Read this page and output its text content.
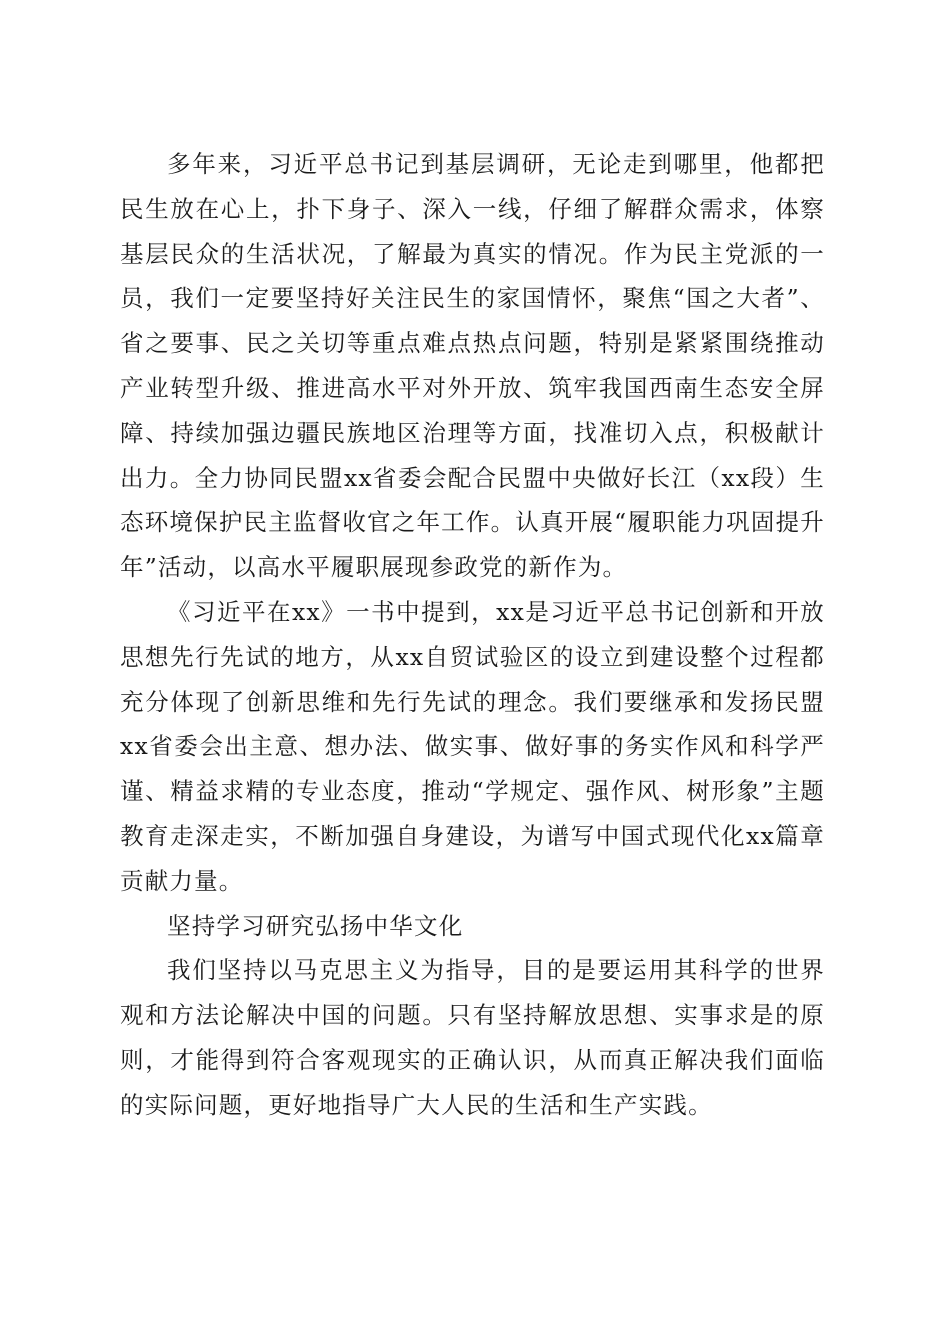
多年来，习近平总书记到基层调研，无论走到哪里，他都把民生放在心上，扑下身子、深入一线，仔细了解群众需求，体察基层民众的生活状况，了解最为真实的情况。作为民主党派的一员，我们一定要坚持好关注民生的家国情怀，聚焦“国之大者”、省之要事、民之关切等重点难点热点问题，特别是紧紧围绕推动产业转型升级、推进高水平对外开放、筑牢我国西南生态安全屏障、持续加强边疆民族地区治理等方面，找准切入点，积极献计出力。全力协同民盟xx省委会配合民盟中央做好长江（xx段）生态环境保护民主监督收官之年工作。认真开展“履职能力巩固提升年”活动，以高水平履职展现参政党的新作为。

《习近平在xx》一书中提到，xx是习近平总书记创新和开放思想先行先试的地方，从xx自贸试验区的设立到建设整个过程都充分体现了创新思维和先行先试的理念。我们要继承和发扬民盟xx省委会出主意、想办法、做实事、做好事的务实作风和科学严谨、精益求精的专业态度，推动“学规定、强作风、树形象”主题教育走深走实，不断加强自身建设，为谱写中国式现代化xx篇章贡献力量。

坚持学习研究弘扬中华文化

我们坚持以马克思主义为指导，目的是要运用其科学的世界观和方法论解决中国的问题。只有坚持解放思想、实事求是的原则，才能得到符合客观现实的正确认识，从而真正解决我们面临的实际问题，更好地指导广大人民的生活和生产实践。
